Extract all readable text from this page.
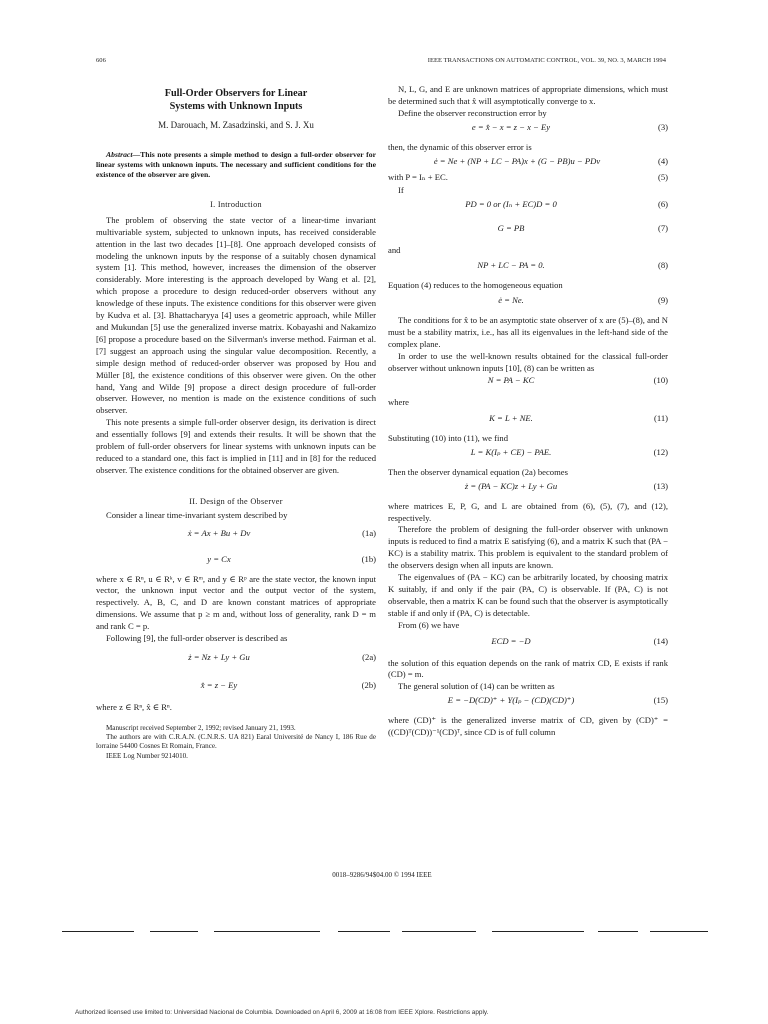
606	IEEE TRANSACTIONS ON AUTOMATIC CONTROL, VOL. 39, NO. 3, MARCH 1994
Full-Order Observers for Linear
Systems with Unknown Inputs
M. Darouach, M. Zasadzinski, and S. J. Xu
Abstract—This note presents a simple method to design a full-order observer for linear systems with unknown inputs. The necessary and sufficient conditions for the existence of the observer are given.
I. Introduction

The problem of observing the state vector of a linear-time invariant multivariable system, subjected to unknown inputs, has received considerable attention in the last two decades [1]–[8]. One approach developed consists of modeling the unknown inputs by the response of a suitably chosen dynamical system [1]. This method, however, increases the dimension of the observer considerably. More interesting is the approach developed by Wang et al. [2], which propose a procedure to design reduced-order observers without any knowledge of these inputs. The existence conditions for this observer were given by Kudva et al. [3]. Bhattacharyya [4] uses a geometric approach, while Miller and Mukundan [5] use the generalized inverse matrix. Kobayashi and Nakamizo [6] propose a procedure based on the Silverman's inverse method. Fairman et al. [7] suggest an approach using the singular value decomposition. Recently, a simple design method of reduced-order observer was proposed by Hou and Müller [8], the existence conditions of this observer were given. On the other hand, Yang and Wilde [9] propose a direct design procedure of full-order observer. However, no mention is made on the existence conditions of such observer.

This note presents a simple full-order observer design, its derivation is direct and essentially follows [9] and extends their results. It will be shown that the problem of full-order observers for linear systems with unknown inputs can be reduced to a standard one, this fact is implied in [11] and in [8] for the reduced observer. The existence conditions for the obtained observer are given.

II. Design of the Observer

Consider a linear time-invariant system described by

ẋ = Ax + Bu + Dv	(1a)
y = Cx	(1b)

where x ∈ Rⁿ, u ∈ Rᵏ, v ∈ Rᵐ, and y ∈ Rᵖ are the state vector, the known input vector, the unknown input vector and the output vector of the system, respectively. A, B, C, and D are known constant matrices of appropriate dimensions. We assume that p ≥ m and, without loss of generality, rank D = m and rank C = p.

Following [9], the full-order observer is described as

ż = Nz + Ly + Gu	(2a)
x̂ = z − Ey	(2b)

where z ∈ Rⁿ, x̂ ∈ Rⁿ.

Manuscript received September 2, 1992; revised January 21, 1993.
The authors are with C.R.A.N. (C.N.R.S. UA 821) Earal Université de Nancy I, 186 Rue de lorraine 54400 Cosnes Et Romain, France.
IEEE Log Number 9214010.

N, L, G, and E are unknown matrices of appropriate dimensions, which must be determined such that x̂ will asymptotically converge to x.

Define the observer reconstruction error by

e = x̂ − x = z − x − Ey	(3)

then, the dynamic of this observer error is

ė = Ne + (NP + LC − PA)x + (G − PB)u − PDv	(4)
with P = Iₙ + EC.	(5)

If

PD = 0 or (Iₙ + EC)D = 0	(6)
G = PB	(7)

and

NP + LC − PA = 0.	(8)

Equation (4) reduces to the homogeneous equation

ė = Ne.	(9)

The conditions for x̂ to be an asymptotic state observer of x are (5)–(8), and N must be a stability matrix, i.e., has all its eigenvalues in the left-hand side of the complex plane.

In order to use the well-known results obtained for the classical full-order observer without unknown inputs [10], (8) can be written as

N = PA − KC	(10)

where

K = L + NE.	(11)

Substituting (10) into (11), we find

L = K(Iₚ + CE) − PAE.	(12)

Then the observer dynamical equation (2a) becomes

ż = (PA − KC)z + Ly + Gu	(13)

where matrices E, P, G, and L are obtained from (6), (5), (7), and (12), respectively.

Therefore the problem of designing the full-order observer with unknown inputs is reduced to find a matrix E satisfying (6), and a matrix K such that (PA − KC) is a stability matrix. This problem is equivalent to the standard problem of the observers design when all inputs are known.

The eigenvalues of (PA − KC) can be arbitrarily located, by choosing matrix K suitably, if and only if the pair (PA, C) is observable. If (PA, C) is not observable, then a matrix K can be found such that the observer is asymptotically stable if and only if (PA, C) is detectable.

From (6) we have

ECD = −D	(14)

the solution of this equation depends on the rank of matrix CD, E exists if rank (CD) = m.

The general solution of (14) can be written as

E = −D(CD)⁺ + Y(Iₚ − (CD)(CD)⁺)	(15)

where (CD)⁺ is the generalized inverse matrix of CD, given by (CD)⁺ = ((CD)ᵀ(CD))⁻¹(CD)ᵀ, since CD is of full column

0018–9286/94$04.00 © 1994 IEEE
Authorized licensed use limited to: Universidad Nacional de Columbia. Downloaded on April 6, 2009 at 16:08 from IEEE Xplore. Restrictions apply.
